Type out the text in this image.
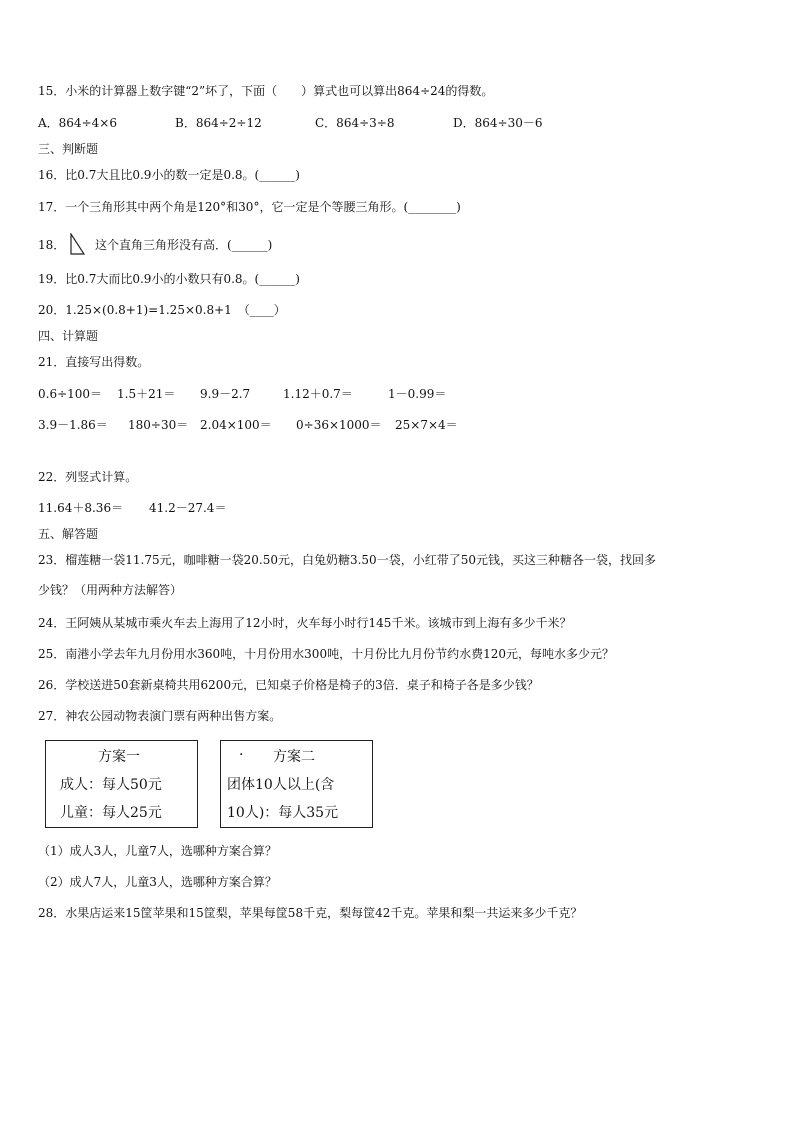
15．小米的计算器上数字键“2”坏了，下面（　　）算式也可以算出864÷24的得数。
A．864÷4×6	B．864÷2÷12	C．864÷3÷8	D．864÷30－6
三、判断题
16．比0.7大且比0.9小的数一定是0.8。(______)
17．一个三角形其中两个角是120°和30°，它一定是个等腰三角形。(________)
18． 这个直角三角形没有高．(______)
19．比0.7大而比0.9小的小数只有0.8。(______)
20．1.25×(0.8+1)=1.25×0.8+1　（____）
四、计算题
21．直接写出得数。
0.6÷100＝ 1.5＋21＝ 9.9－2.7	1.12＋0.7＝	1－0.99＝
3.9－1.86＝ 180÷30＝ 2.04×100＝ 0÷36×1000＝ 25×7×4＝
22．列竖式计算。
11.64＋8.36＝ 41.2－27.4＝
五、解答题
23．榴莲糖一袋11.75元，咖啡糖一袋20.50元，白兔奶糖3.50一袋，小红带了50元钱，买这三种糖各一袋，找回多
少钱？（用两种方法解答）
24．王阿姨从某城市乘火车去上海用了12小时，火车每小时行145千米。该城市到上海有多少千米？
25．南港小学去年九月份用水360吨，十月份用水300吨，十月份比九月份节约水费120元，每吨水多少元？
26．学校送进50套新桌椅共用6200元，已知桌子价格是椅子的3倍．桌子和椅子各是多少钱？
27．神农公园动物表演门票有两种出售方案。
方案一
成人：每人50元
儿童：每人25元
· 方案二
团体10人以上(含
10人)：每人35元
（1）成人3人，儿童7人，选哪种方案合算？
（2）成人7人，儿童3人，选哪种方案合算？
28．水果店运来15筐苹果和15筐梨，苹果每筐58千克，梨每筐42千克。苹果和梨一共运来多少千克？
